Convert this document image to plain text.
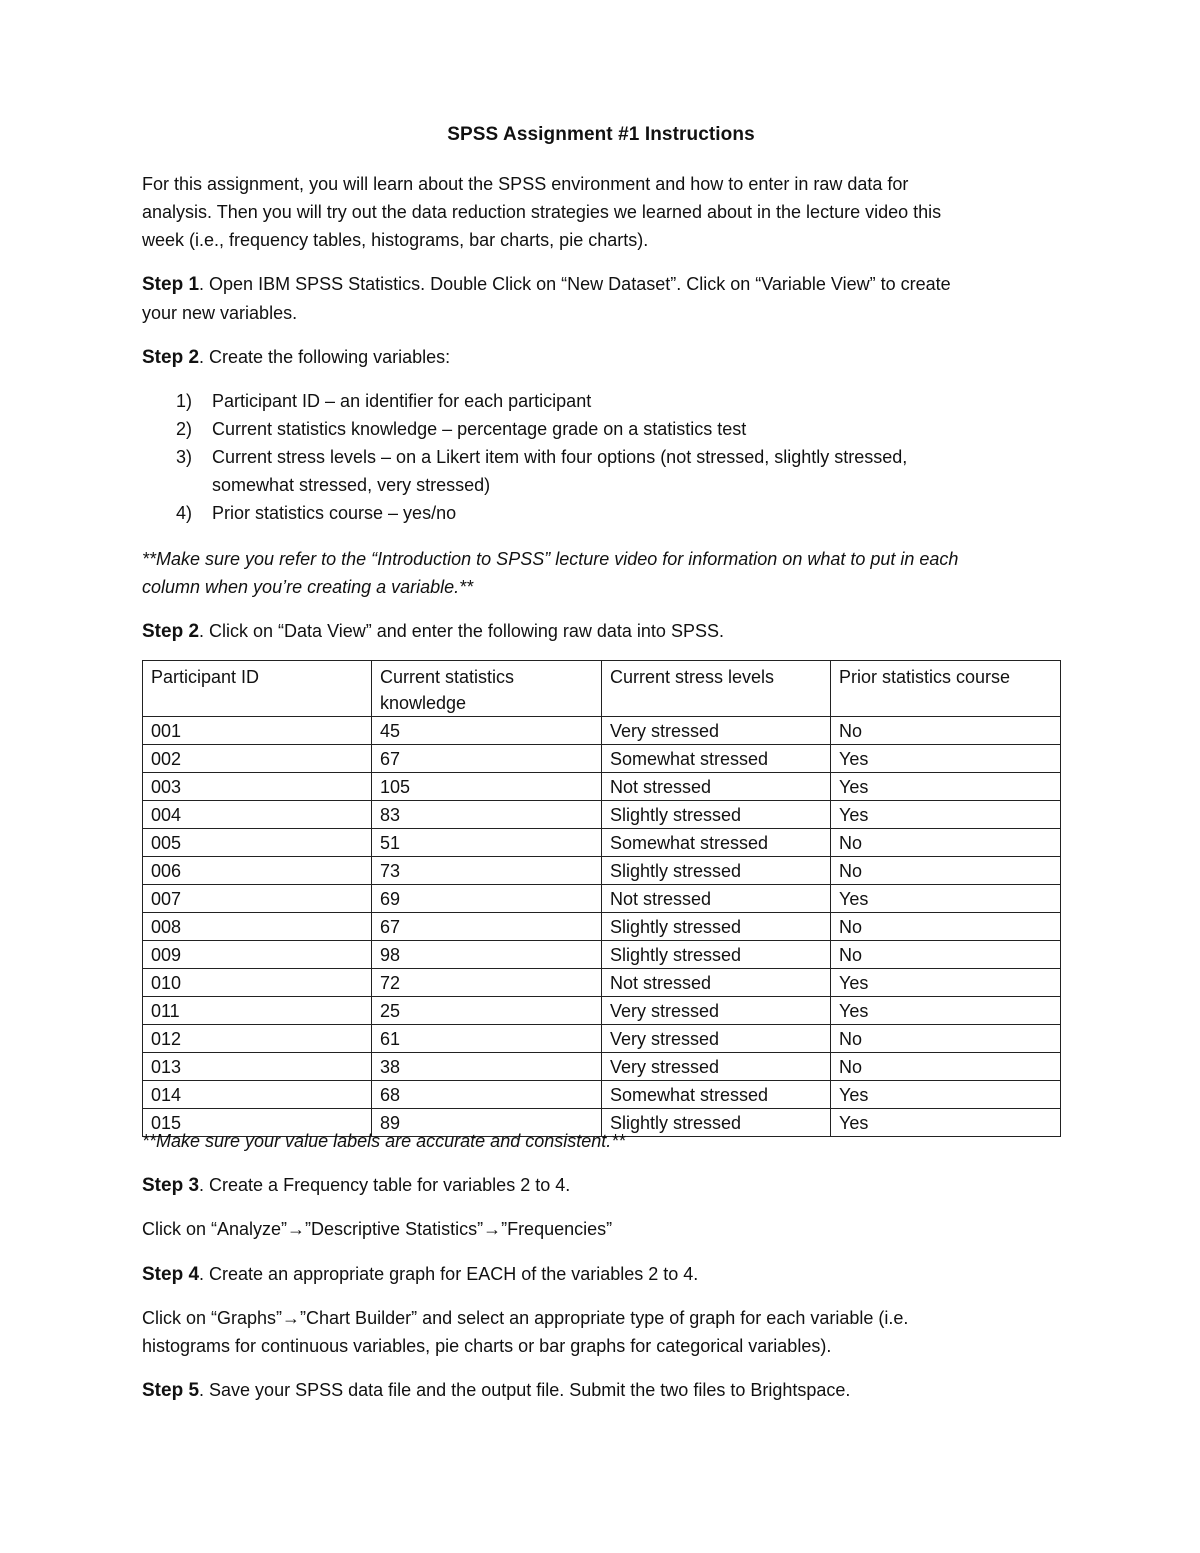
SPSS Assignment #1 Instructions

For this assignment, you will learn about the SPSS environment and how to enter in raw data for
analysis. Then you will try out the data reduction strategies we learned about in the lecture video this
week (i.e., frequency tables, histograms, bar charts, pie charts).

Step 1. Open IBM SPSS Statistics. Double Click on “New Dataset”. Click on “Variable View” to create
your new variables.

Step 2. Create the following variables:

1)	Participant ID – an identifier for each participant
2)	Current statistics knowledge – percentage grade on a statistics test
3)	Current stress levels – on a Likert item with four options (not stressed, slightly stressed,
somewhat stressed, very stressed)
4)	Prior statistics course – yes/no

**Make sure you refer to the “Introduction to SPSS” lecture video for information on what to put in each
column when you’re creating a variable.**

Step 2. Click on “Data View” and enter the following raw data into SPSS.

Participant ID	Current statistics knowledge	Current stress levels	Prior statistics course
001	45	Very stressed	No
002	67	Somewhat stressed	Yes
003	105	Not stressed	Yes
004	83	Slightly stressed	Yes
005	51	Somewhat stressed	No
006	73	Slightly stressed	No
007	69	Not stressed	Yes
008	67	Slightly stressed	No
009	98	Slightly stressed	No
010	72	Not stressed	Yes
011	25	Very stressed	Yes
012	61	Very stressed	No
013	38	Very stressed	No
014	68	Somewhat stressed	Yes
015	89	Slightly stressed	Yes

**Make sure your value labels are accurate and consistent.**

Step 3. Create a Frequency table for variables 2 to 4.

Click on “Analyze”→”Descriptive Statistics”→”Frequencies”

Step 4. Create an appropriate graph for EACH of the variables 2 to 4.

Click on “Graphs”→”Chart Builder” and select an appropriate type of graph for each variable (i.e.
histograms for continuous variables, pie charts or bar graphs for categorical variables).

Step 5. Save your SPSS data file and the output file. Submit the two files to Brightspace.
